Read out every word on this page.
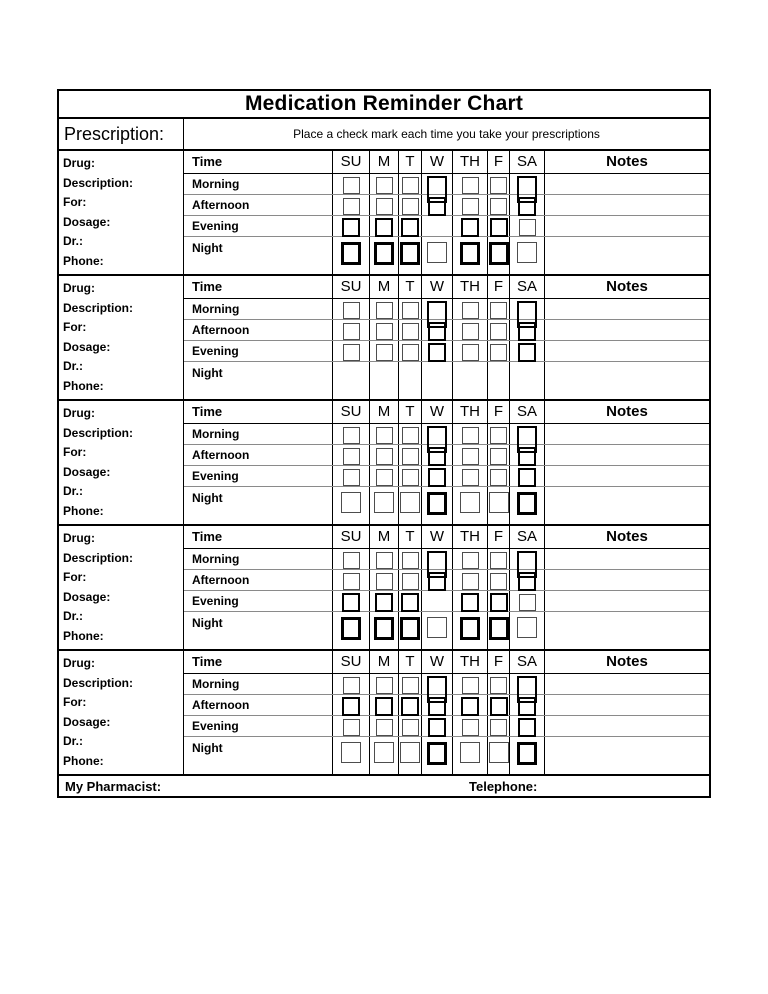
Medication Reminder Chart
Prescription:	Place a check mark each time you take your prescriptions
Drug:
Description:
For:
Dosage:
Dr.:
Phone:
Time	SU	M	T	W	TH F SA	Notes
Morning
Afternoon
Evening
Night
Drug:
Description:
For:
Dosage:
Dr.:
Phone:
Time	SU	M	T	W	TH F SA	Notes
Morning
Afternoon
Evening
Night
Drug:
Description:
For:
Dosage:
Dr.:
Phone:
Time	SU	M	T	W	TH F SA	Notes
Morning
Afternoon
Evening
Night
Drug:
Description:
For:
Dosage:
Dr.:
Phone:
Time	SU	M	T	W	TH F SA	Notes
Morning
Afternoon
Evening
Night
Drug:
Description:
For:
Dosage:
Dr.:
Phone:
Time	SU	M	T	W	TH F SA	Notes
Morning
Afternoon
Evening
Night
My Pharmacist:	Telephone:
